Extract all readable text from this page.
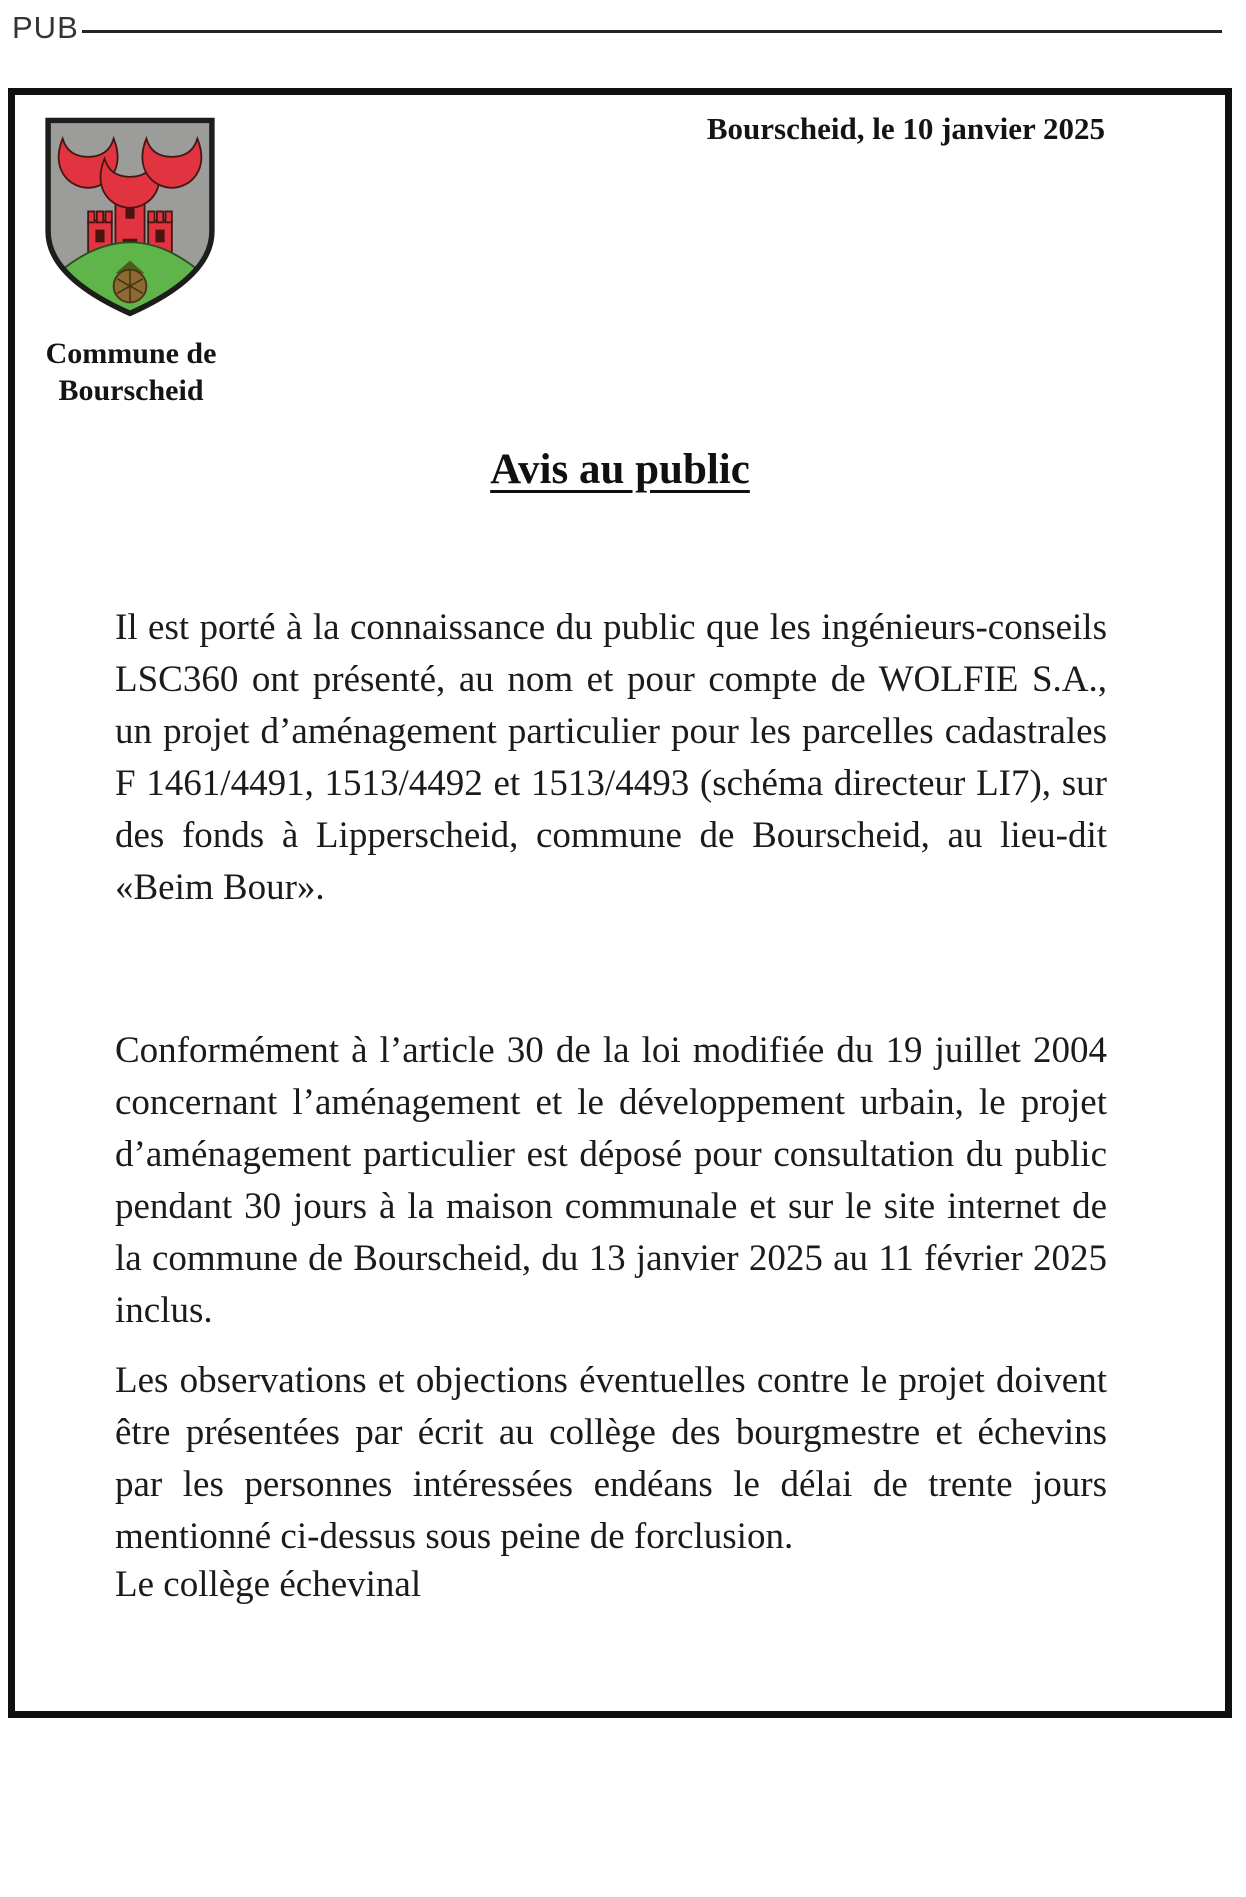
PUB
Commune de
Bourscheid
Bourscheid, le 10 janvier 2025
Avis au public

Il est porté à la connaissance du public que les ingénieurs-conseils LSC360 ont présenté, au nom et pour compte de WOLFIE S.A., un projet d’aménagement particulier pour les parcelles cadastrales F 1461/4491, 1513/4492 et 1513/4493 (schéma directeur LI7), sur des fonds à Lipperscheid, commune de Bourscheid, au lieu-dit «Beim Bour».

Conformément à l’article 30 de la loi modifiée du 19 juillet 2004 concernant l’aménagement et le développement urbain, le projet d’aménagement particulier est déposé pour consultation du public pendant 30 jours à la maison communale et sur le site internet de la commune de Bourscheid, du 13 janvier 2025 au 11 février 2025 inclus.

Les observations et objections éventuelles contre le projet doivent être présentées par écrit au collège des bourgmestre et échevins par les personnes intéressées endéans le délai de trente jours mentionné ci-dessus sous peine de forclusion.

Le collège échevinal
